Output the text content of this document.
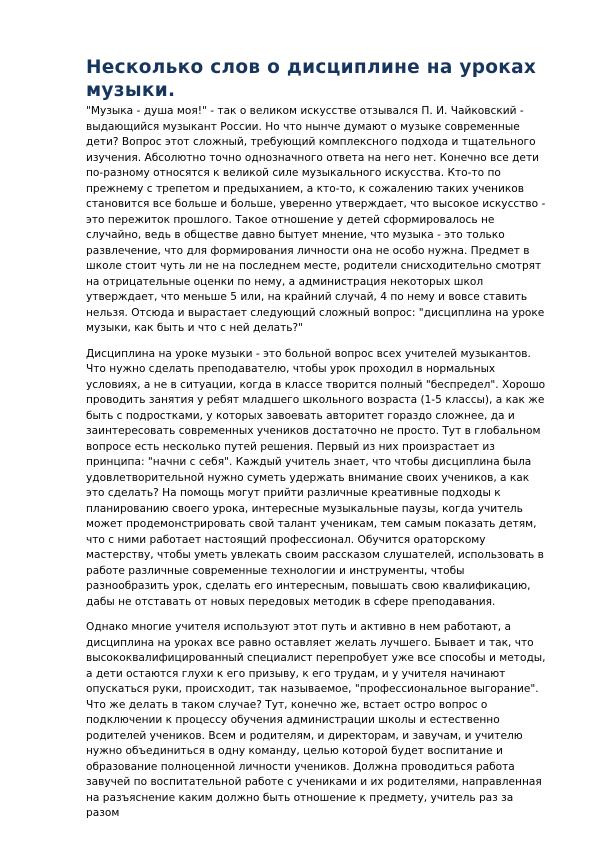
Несколько слов о дисциплине на уроках музыки.

"Музыка - душа моя!" - так о великом искусстве отзывался П. И. Чайковский - выдающийся музыкант России. Но что нынче думают о музыке современные дети? Вопрос этот сложный, требующий комплексного подхода и тщательного изучения. Абсолютно точно однозначного ответа на него нет. Конечно все дети по-разному относятся к великой силе музыкального искусства. Кто-то по прежнему с трепетом и предыханием, а кто-то, к сожалению таких учеников становится все больше и больше, уверенно утверждает, что высокое искусство - это пережиток прошлого. Такое отношение у детей сформировалось не случайно, ведь в обществе давно бытует мнение, что музыка - это только развлечение, что для формирования личности она не особо нужна. Предмет в школе стоит чуть ли не на последнем месте, родители снисходительно смотрят на отрицательные оценки по нему, а администрация некоторых школ утверждает, что меньше 5 или, на крайний случай, 4 по нему и вовсе ставить нельзя. Отсюда и вырастает следующий сложный вопрос: "дисциплина на уроке музыки, как быть и что с ней делать?"

Дисциплина на уроке музыки - это больной вопрос всех учителей музыкантов. Что нужно сделать преподавателю, чтобы урок проходил в нормальных условиях, а не в ситуации, когда в классе творится полный "беспредел". Хорошо проводить занятия у ребят младшего школьного возраста (1-5 классы), а как же быть с подростками, у которых завоевать авторитет гораздо сложнее, да и заинтересовать современных учеников достаточно не просто. Тут в глобальном вопросе есть несколько путей решения. Первый из них произрастает из принципа: "начни с себя". Каждый учитель знает, что чтобы дисциплина была удовлетворительной нужно суметь удержать внимание своих учеников, а как это сделать? На помощь могут прийти различные креативные подходы к планированию своего урока, интересные музыкальные паузы, когда учитель может продемонстрировать свой талант ученикам, тем самым показать детям, что с ними работает настоящий профессионал. Обучится ораторскому мастерству, чтобы уметь увлекать своим рассказом слушателей, использовать в работе различные современные технологии и инструменты, чтобы разнообразить урок, сделать его интересным, повышать свою квалификацию, дабы не отставать от новых передовых методик в сфере преподавания.

Однако многие учителя используют этот путь и активно в нем работают, а дисциплина на уроках все равно оставляет желать лучшего. Бывает и так, что высококвалифицированный специалист перепробует уже все способы и методы, а дети остаются глухи к его призыву, к его трудам, и у учителя начинают опускаться руки, происходит, так называемое, "профессиональное выгорание". Что же делать в таком случае? Тут, конечно же, встает остро вопрос о подключении к процессу обучения администрации школы и естественно родителей учеников. Всем и родителям, и директорам, и завучам, и учителю нужно объединиться в одну команду, целью которой будет воспитание и образование полноценной личности учеников. Должна проводиться работа завучей по воспитательной работе с учениками и их родителями, направленная на разъяснение каким должно быть отношение к предмету, учитель раз за разом
